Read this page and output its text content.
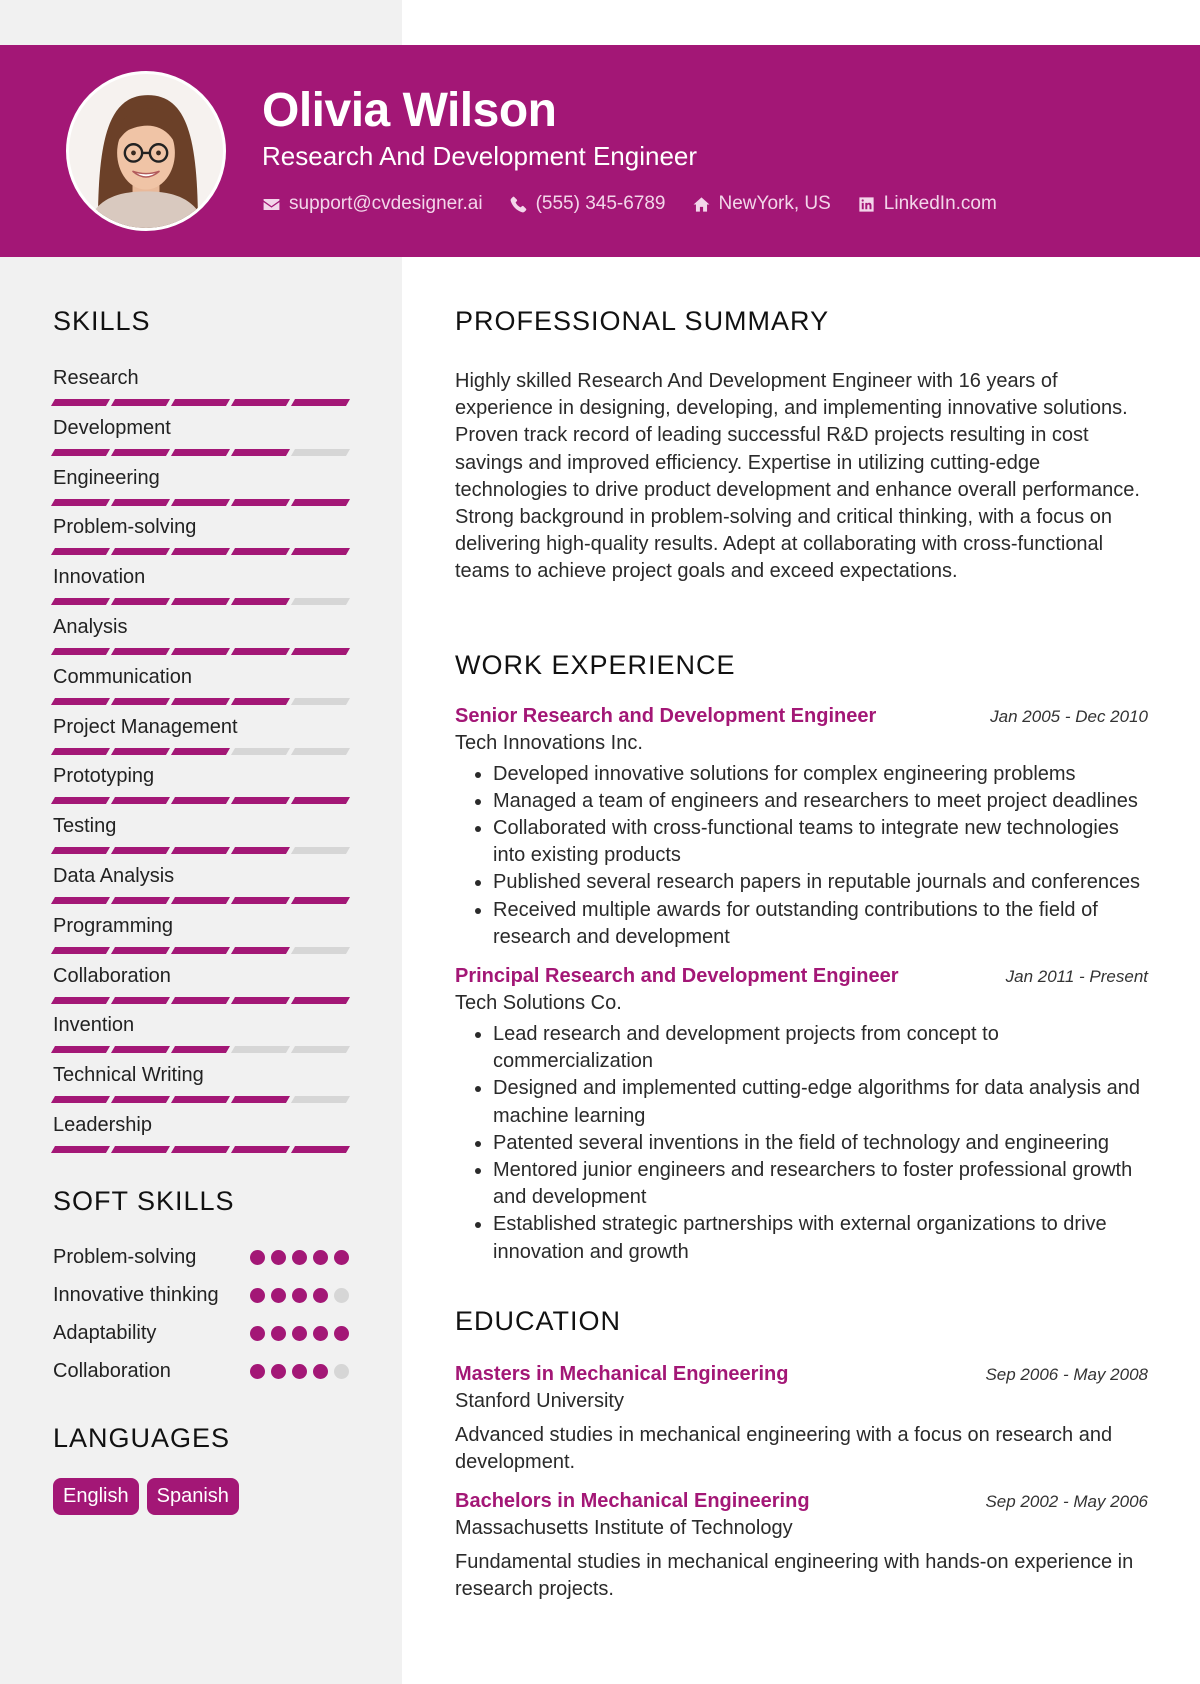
Olivia Wilson
Research And Development Engineer
support@cvdesigner.ai	(555) 345-6789	NewYork, US	LinkedIn.com
SKILLS
Research
Development
Engineering
Problem-solving
Innovation
Analysis
Communication
Project Management
Prototyping
Testing
Data Analysis
Programming
Collaboration
Invention
Technical Writing
Leadership
SOFT SKILLS
Problem-solving
Innovative thinking
Adaptability
Collaboration
LANGUAGES
English	Spanish
PROFESSIONAL SUMMARY

Highly skilled Research And Development Engineer with 16 years of experience in designing, developing, and implementing innovative solutions. Proven track record of leading successful R&D projects resulting in cost savings and improved efficiency. Expertise in utilizing cutting-edge technologies to drive product development and enhance overall performance. Strong background in problem-solving and critical thinking, with a focus on delivering high-quality results. Adept at collaborating with cross-functional teams to achieve project goals and exceed expectations.

WORK EXPERIENCE
Senior Research and Development Engineer	Jan 2005 - Dec 2010
Tech Innovations Inc.
• Developed innovative solutions for complex engineering problems
• Managed a team of engineers and researchers to meet project deadlines
• Collaborated with cross-functional teams to integrate new technologies into existing products
• Published several research papers in reputable journals and conferences
• Received multiple awards for outstanding contributions to the field of research and development
Principal Research and Development Engineer	Jan 2011 - Present
Tech Solutions Co.
• Lead research and development projects from concept to commercialization
• Designed and implemented cutting-edge algorithms for data analysis and machine learning
• Patented several inventions in the field of technology and engineering
• Mentored junior engineers and researchers to foster professional growth and development
• Established strategic partnerships with external organizations to drive innovation and growth
EDUCATION
Masters in Mechanical Engineering	Sep 2006 - May 2008
Stanford University

Advanced studies in mechanical engineering with a focus on research and development.

Bachelors in Mechanical Engineering	Sep 2002 - May 2006
Massachusetts Institute of Technology

Fundamental studies in mechanical engineering with hands-on experience in research projects.
